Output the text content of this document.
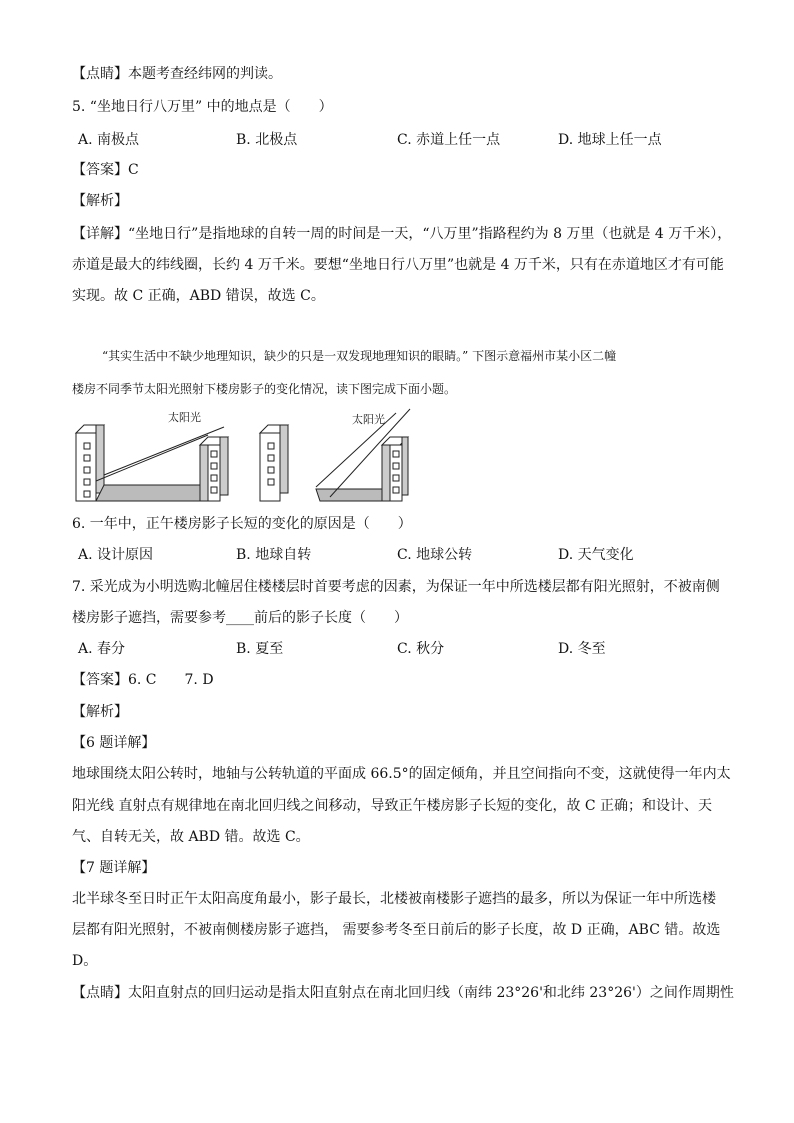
【点睛】本题考查经纬网的判读。
5. “坐地日行八万里” 中的地点是（　　）
A. 南极点	B. 北极点	C. 赤道上任一点	D. 地球上任一点
【答案】C
【解析】
【详解】“坐地日行”是指地球的自转一周的时间是一天，“八万里”指路程约为 8 万里（也就是 4 万千米），
赤道是最大的纬线圈，长约 4 万千米。要想“坐地日行八万里”也就是 4 万千米，只有在赤道地区才有可能
实现。故 C 正确，ABD 错误，故选 C。
“其实生活中不缺少地理知识，缺少的只是一双发现地理知识的眼睛。” 下图示意福州市某小区二幢
楼房不同季节太阳光照射下楼房影子的变化情况，读下图完成下面小题。
太阳光	太阳光
6. 一年中，正午楼房影子长短的变化的原因是（　　）
A. 设计原因	B. 地球自转	C. 地球公转	D. 天气变化
7. 采光成为小明选购北幢居住楼楼层时首要考虑的因素，为保证一年中所选楼层都有阳光照射，不被南侧
楼房影子遮挡，需要参考____前后的影子长度（　　）
A. 春分	B. 夏至	C. 秋分	D. 冬至
【答案】6. C　　7. D
【解析】
【6 题详解】
地球围绕太阳公转时，地轴与公转轨道的平面成 66.5°的固定倾角，并且空间指向不变，这就使得一年内太
阳光线 直射点有规律地在南北回归线之间移动，导致正午楼房影子长短的变化，故 C 正确；和设计、天
气、自转无关，故 ABD 错。故选 C。
【7 题详解】
北半球冬至日时正午太阳高度角最小，影子最长，北楼被南楼影子遮挡的最多，所以为保证一年中所选楼
层都有阳光照射，不被南侧楼房影子遮挡， 需要参考冬至日前后的影子长度，故 D 正确，ABC 错。故选
D。
【点睛】太阳直射点的回归运动是指太阳直射点在南北回归线（南纬 23°26'和北纬 23°26'）之间作周期性
